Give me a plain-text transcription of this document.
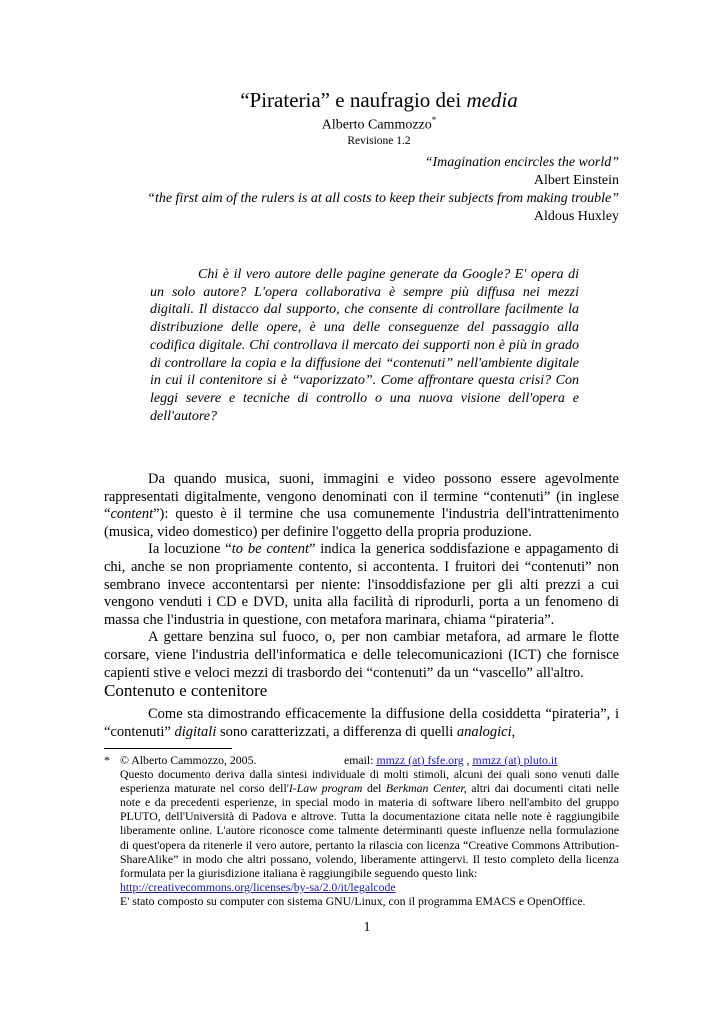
“Pirateria” e naufragio dei media
Alberto Cammozzo*
Revisione 1.2
“Imagination encircles the world”
Albert Einstein
“the first aim of the rulers is at all costs to keep their subjects from making trouble”
Aldous Huxley

Chi è il vero autore delle pagine generate da Google? E' opera di un solo autore? L'opera collaborativa è sempre più diffusa nei mezzi digitali. Il distacco dal supporto, che consente di controllare facilmente la distribuzione delle opere, è una delle conseguenze del passaggio alla codifica digitale. Chi controllava il mercato dei supporti non è più in grado di controllare la copia e la diffusione dei “contenuti” nell'ambiente digitale in cui il contenitore si è “vaporizzato”. Come affrontare questa crisi? Con leggi severe e tecniche di controllo o una nuova visione dell'opera e dell'autore?

Da quando musica, suoni, immagini e video possono essere agevolmente rappresentati digitalmente, vengono denominati con il termine “contenuti” (in inglese “content”): questo è il termine che usa comunemente l'industria dell'intrattenimento (musica, video domestico) per definire l'oggetto della propria produzione.

Ia locuzione “to be content” indica la generica soddisfazione e appagamento di chi, anche se non propriamente contento, si accontenta. I fruitori dei “contenuti” non sembrano invece accontentarsi per niente: l'insoddisfazione per gli alti prezzi a cui vengono venduti i CD e DVD, unita alla facilità di riprodurli, porta a un fenomeno di massa che l'industria in questione, con metafora marinara, chiama “pirateria”.

A gettare benzina sul fuoco, o, per non cambiar metafora, ad armare le flotte corsare, viene l'industria dell'informatica e delle telecomunicazioni (ICT) che fornisce capienti stive e veloci mezzi di trasbordo dei “contenuti” da un “vascello” all'altro.

Contenuto e contenitore

Come sta dimostrando efficacemente la diffusione della cosiddetta “pirateria”, i “contenuti” digitali sono caratterizzati, a differenza di quelli analogici,

* © Alberto Cammozzo, 2005.	email: mmzz (at) fsfe.org , mmzz (at) pluto.it
Questo documento deriva dalla sintesi individuale di molti stimoli, alcuni dei quali sono venuti dalle esperienza maturate nel corso dell'I-Law program del Berkman Center, altri dai documenti citati nelle note e da precedenti esperienze, in special modo in materia di software libero nell'ambito del gruppo PLUTO, dell'Università di Padova e altrove. Tutta la documentazione citata nelle note è raggiungibile liberamente online. L'autore riconosce come talmente determinanti queste influenze nella formulazione di quest'opera da ritenerle il vero autore, pertanto la rilascia con licenza “Creative Commons Attribution-ShareAlike” in modo che altri possano, volendo, liberamente attingervi. Il testo completo della licenza formulata per la giurisdizione italiana è raggiungibile seguendo questo link:
http://creativecommons.org/licenses/by-sa/2.0/it/legalcode
E' stato composto su computer con sistema GNU/Linux, con il programma EMACS e OpenOffice.
1
